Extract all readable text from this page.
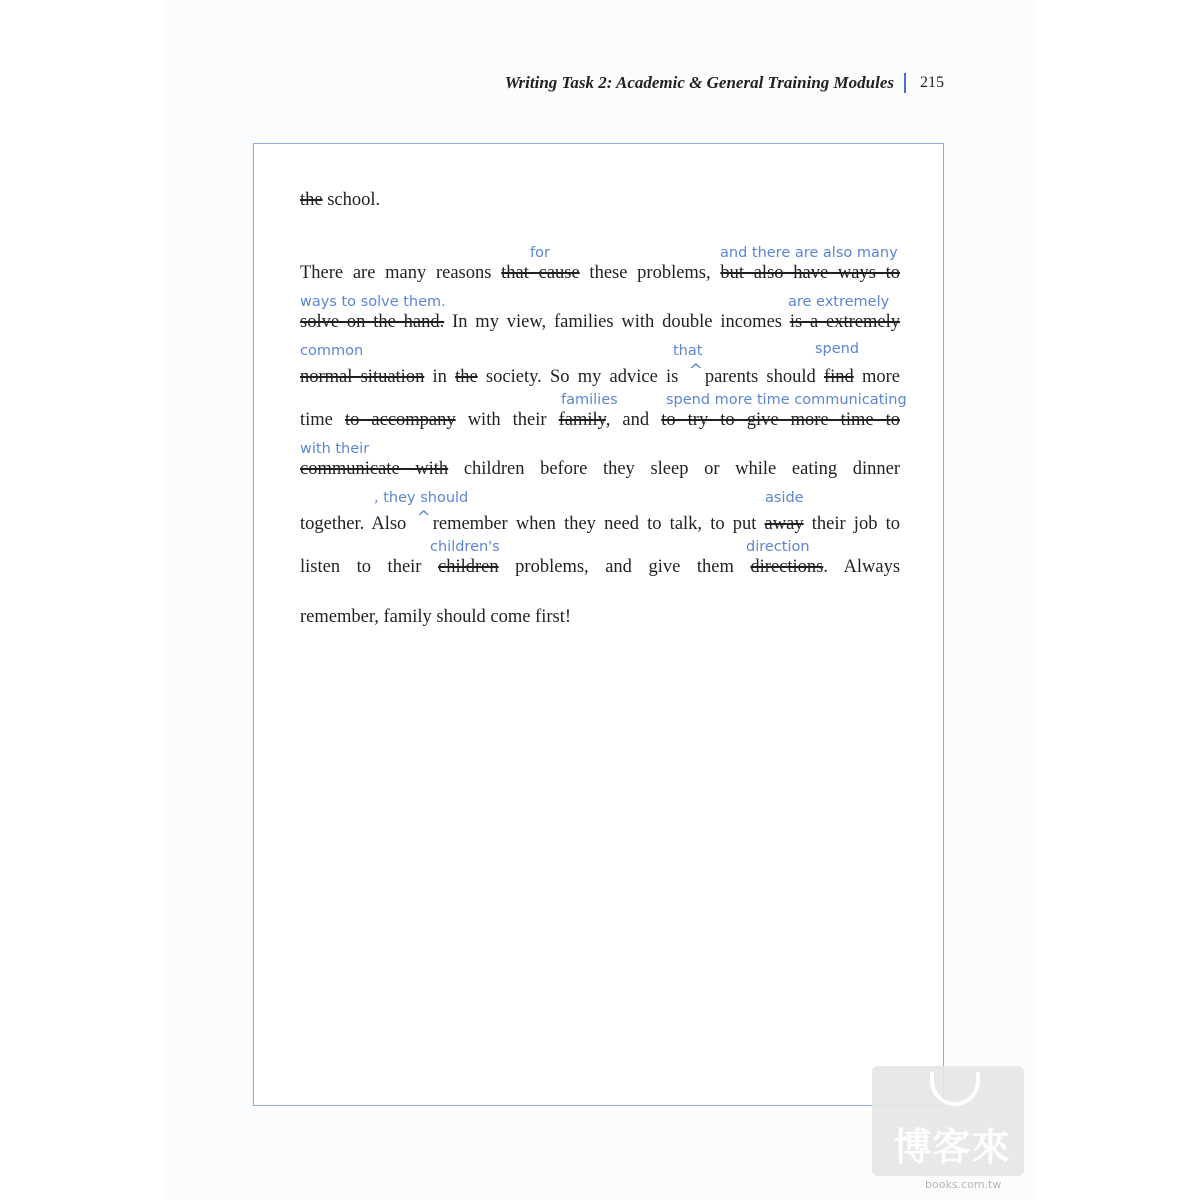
Writing Task 2: Academic & General Training Modules 215
the school.
for	and there are also many
There are many reasons that cause these problems, but also have ways to
ways to solve them.	are extremely
solve on the hand. In my view, families with double incomes is a extremely
common	that	spend
normal situation in the society. So my advice is ^ parents should find more
families	spend more time communicating
time to accompany with their family, and to try to give more time to
with their
communicate with children before they sleep or while eating dinner
, they should	aside
together. Also ^ remember when they need to talk, to put away their job to
children's	direction
listen to their children problems, and give them directions. Always
remember, family should come first!
博客來
books.com.tw
